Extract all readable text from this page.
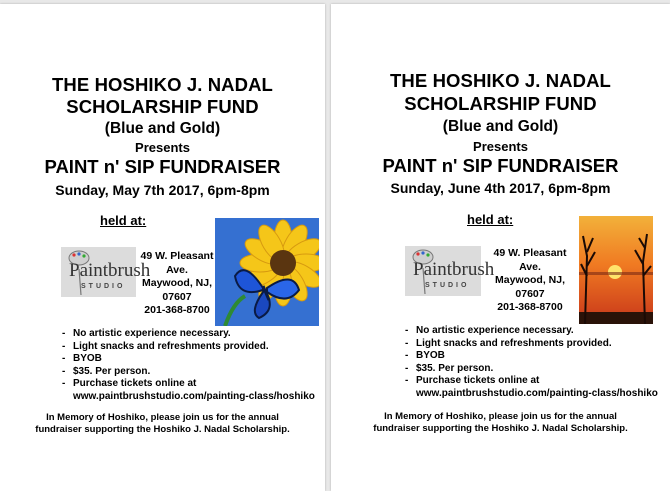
THE HOSHIKO J. NADAL
SCHOLARSHIP FUND
(Blue and Gold)
Presents
PAINT n' SIP FUNDRAISER
Sunday, May 7th 2017, 6pm-8pm
held at:
Paintbrush
STUDIO
49 W. Pleasant
Ave.
Maywood, NJ,
07607
201-368-8700
- No artistic experience necessary.
- Light snacks and refreshments provided.
- BYOB
- $35. Per person.
- Purchase tickets online at
www.paintbrushstudio.com/painting-class/hoshiko
In Memory of Hoshiko, please join us for the annual
fundraiser supporting the Hoshiko J. Nadal Scholarship.
THE HOSHIKO J. NADAL
SCHOLARSHIP FUND
(Blue and Gold)
Presents
PAINT n' SIP FUNDRAISER
Sunday, June 4th 2017, 6pm-8pm
held at:
Paintbrush
STUDIO
49 W. Pleasant
Ave.
Maywood, NJ,
07607
201-368-8700
- No artistic experience necessary.
- Light snacks and refreshments provided.
- BYOB
- $35. Per person.
- Purchase tickets online at
www.paintbrushstudio.com/painting-class/hoshiko
In Memory of Hoshiko, please join us for the annual
fundraiser supporting the Hoshiko J. Nadal Scholarship.
